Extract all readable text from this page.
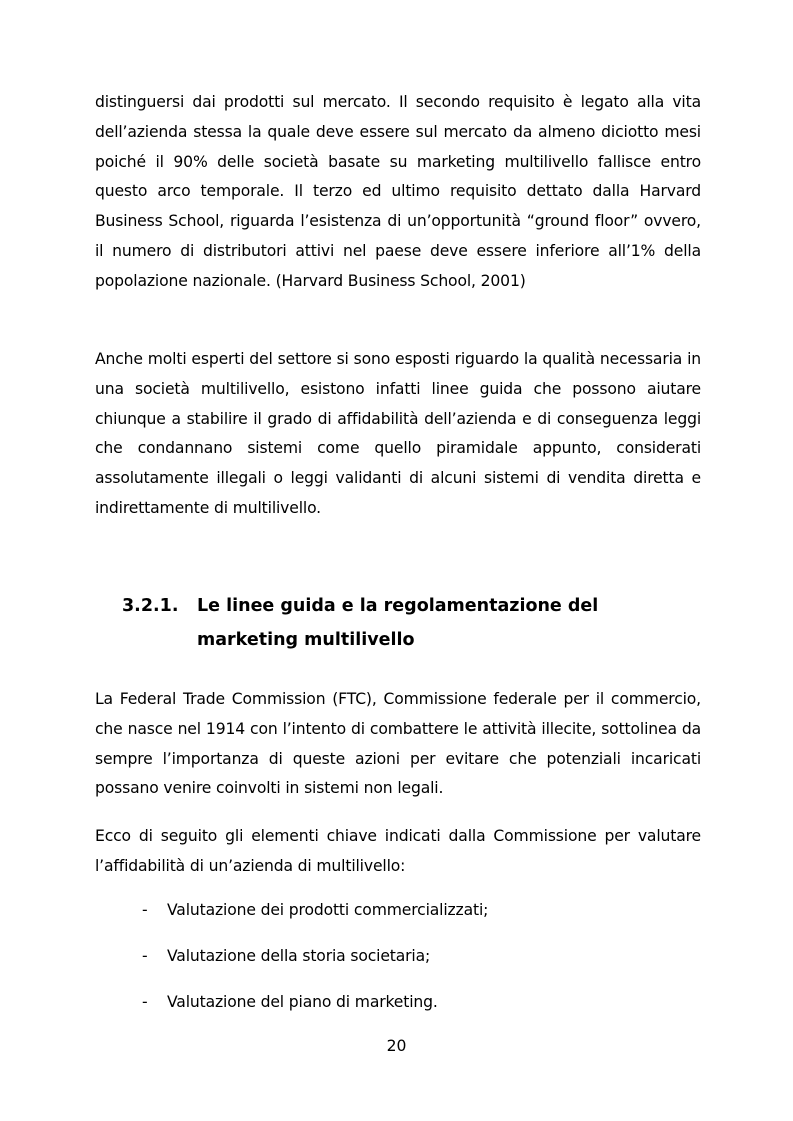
distinguersi dai prodotti sul mercato. Il secondo requisito è legato alla vita dell’azienda stessa la quale deve essere sul mercato da almeno diciotto mesi poiché il 90% delle società basate su marketing multilivello fallisce entro questo arco temporale. Il terzo ed ultimo requisito dettato dalla Harvard Business School, riguarda l’esistenza di un’opportunità “ground floor” ovvero, il numero di distributori attivi nel paese deve essere inferiore all’1% della popolazione nazionale. (Harvard Business School, 2001)

Anche molti esperti del settore si sono esposti riguardo la qualità necessaria in una società multilivello, esistono infatti linee guida che possono aiutare chiunque a stabilire il grado di affidabilità dell’azienda e di conseguenza leggi che condannano sistemi come quello piramidale appunto, considerati assolutamente illegali o leggi validanti di alcuni sistemi di vendita diretta e indirettamente di multilivello.

3.2.1. Le linee guida e la regolamentazione del marketing multilivello

La Federal Trade Commission (FTC), Commissione federale per il commercio, che nasce nel 1914 con l’intento di combattere le attività illecite, sottolinea da sempre l’importanza di queste azioni per evitare che potenziali incaricati possano venire coinvolti in sistemi non legali.

Ecco di seguito gli elementi chiave indicati dalla Commissione per valutare l’affidabilità di un’azienda di multilivello:

- Valutazione dei prodotti commercializzati;
- Valutazione della storia societaria;
- Valutazione del piano di marketing.
20
